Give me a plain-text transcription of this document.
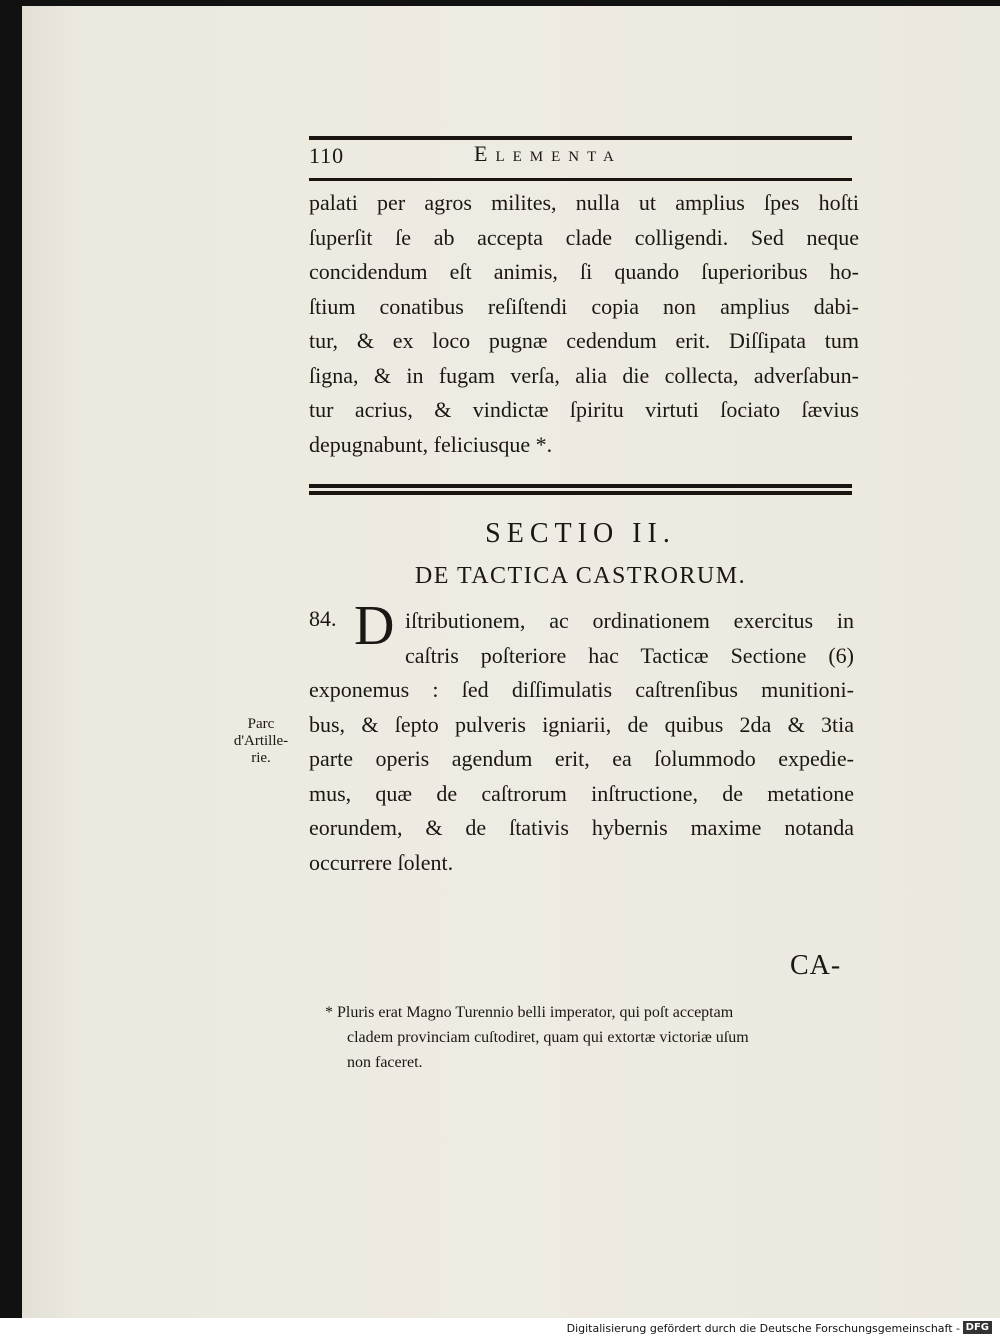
110	Elementa
palati per agros milites, nulla ut amplius ſpes hoſti
ſuperſit ſe ab accepta clade colligendi. Sed neque
concidendum eſt animis, ſi quando ſuperioribus ho-
ſtium conatibus reſiſtendi copia non amplius dabi-
tur, & ex loco pugnæ cedendum erit. Diſſipata tum
ſigna, & in fugam verſa, alia die collecta, adverſabun-
tur acrius, & vindictæ ſpiritu virtuti ſociato ſævius
depugnabunt, feliciusque *.
SECTIO II.
DE TACTICA CASTRORUM.
84. D iſtributionem, ac ordinationem exercitus in
caſtris poſteriore hac Tacticæ Sectione (6)
exponemus : ſed diſſimulatis caſtrenſibus munitioni-
bus, & ſepto pulveris igniarii, de quibus 2da & 3tia
parte operis agendum erit, ea ſolummodo expedie-
mus, quæ de caſtrorum inſtructione, de metatione
eorundem, & de ſtativis hybernis maxime notanda
occurrere ſolent.
Parc
d'Artille-
rie.
CA-
* Pluris erat Magno Turennio belli imperator, qui poſt acceptam
cladem provinciam cuſtodiret, quam qui extortæ victoriæ uſum
non faceret.
Digitalisierung gefördert durch die Deutsche Forschungsgemeinschaft - DFG
